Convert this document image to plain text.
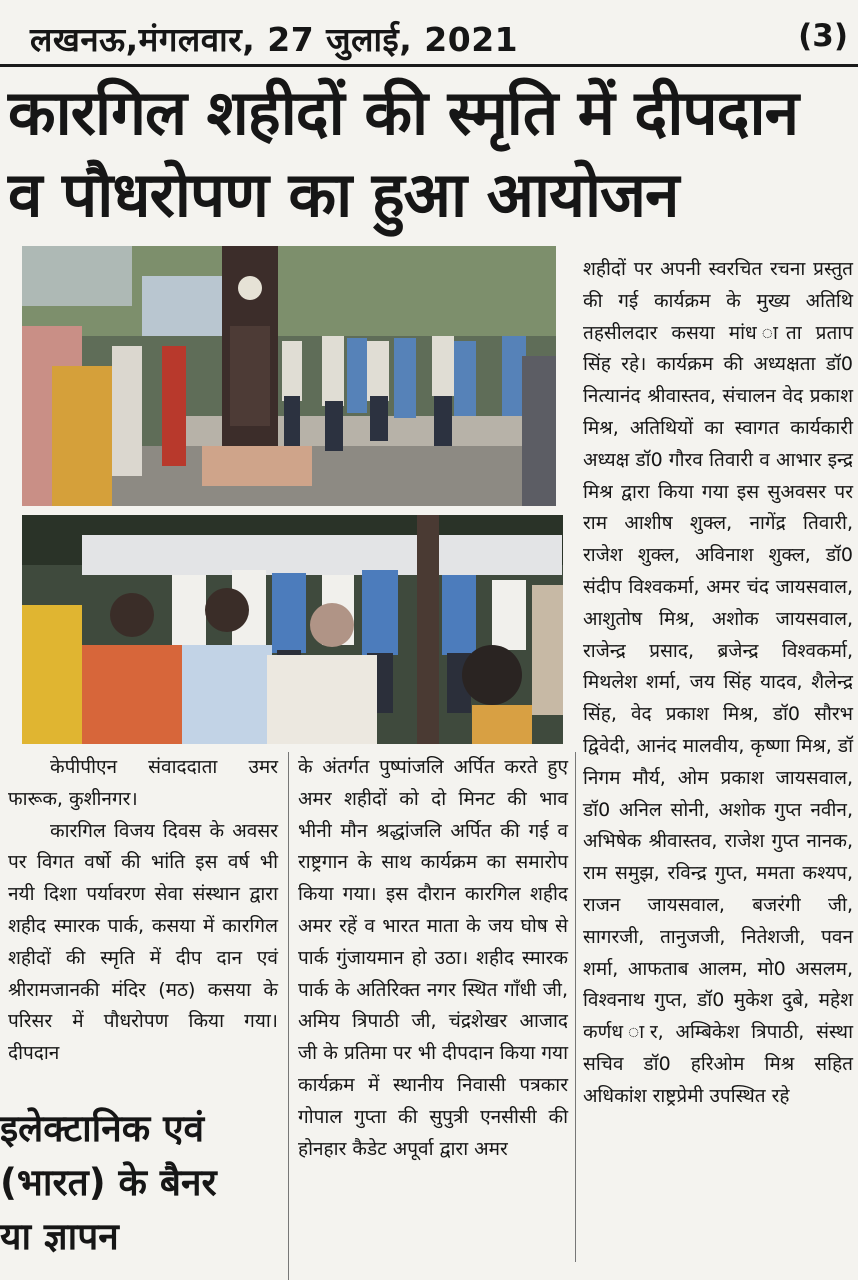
लखनऊ,मंगलवार, 27 जुलाई, 2021	(3)
कारगिल शहीदों की स्मृति में दीपदान
व पौधरोपण का हुआ आयोजन

केपीपीएन संवाददाता उमर फारूक, कुशीनगर।

कारगिल विजय दिवस के अवसर पर विगत वर्षो की भांति इस वर्ष भी नयी दिशा पर्यावरण सेवा संस्थान द्वारा शहीद स्मारक पार्क, कसया में कारगिल शहीदों की स्मृति में दीप दान एवं श्रीरामजानकी मंदिर (मठ) कसया के परिसर में पौधरोपण किया गया। दीपदान

इलेक्टानिक एवं
(भारत) के बैनर
या ज्ञापन

के अंतर्गत पुष्पांजलि अर्पित करते हुए अमर शहीदों को दो मिनट की भाव भीनी मौन श्रद्धांजलि अर्पित की गई व राष्ट्रगान के साथ कार्यक्रम का समारोप किया गया। इस दौरान कारगिल शहीद अमर रहें व भारत माता के जय घोष से पार्क गुंजायमान हो उठा। शहीद स्मारक पार्क के अतिरिक्त नगर स्थित गाँधी जी, अमिय त्रिपाठी जी, चंद्रशेखर आजाद जी के प्रतिमा पर भी दीपदान किया गया कार्यक्रम में स्थानीय निवासी पत्रकार गोपाल गुप्ता की सुपुत्री एनसीसी की होनहार कैडेट अपूर्वा द्वारा अमर

शहीदों पर अपनी स्वरचित रचना प्रस्तुत की गई कार्यक्रम के मुख्य अतिथि तहसीलदार कसया मांध ाता प्रताप सिंह रहे। कार्यक्रम की अध्यक्षता डॉ0 नित्यानंद श्रीवास्तव, संचालन वेद प्रकाश मिश्र, अतिथियों का स्वागत कार्यकारी अध्यक्ष डॉ0 गौरव तिवारी व आभार इन्द्र मिश्र द्वारा किया गया इस सुअवसर पर राम आशीष शुक्ल, नागेंद्र तिवारी, राजेश शुक्ल, अविनाश शुक्ल, डॉ0 संदीप विश्वकर्मा, अमर चंद जायसवाल, आशुतोष मिश्र, अशोक जायसवाल, राजेन्द्र प्रसाद, ब्रजेन्द्र विश्वकर्मा, मिथलेश शर्मा, जय सिंह यादव, शैलेन्द्र सिंह, वेद प्रकाश मिश्र, डॉ0 सौरभ द्विवेदी, आनंद मालवीय, कृष्णा मिश्र, डॉ निगम मौर्य, ओम प्रकाश जायसवाल, डॉ0 अनिल सोनी, अशोक गुप्त नवीन, अभिषेक श्रीवास्तव, राजेश गुप्त नानक, राम समुझ, रविन्द्र गुप्त, ममता कश्यप, राजन जायसवाल, बजरंगी जी, सागरजी, तानुजजी, नितेशजी, पवन शर्मा, आफताब आलम, मो0 असलम, विश्वनाथ गुप्त, डॉ0 मुकेश दुबे, महेश कर्णध ार, अम्बिकेश त्रिपाठी, संस्था सचिव डॉ0 हरिओम मिश्र सहित अधिकांश राष्ट्रप्रेमी उपस्थित रहे
